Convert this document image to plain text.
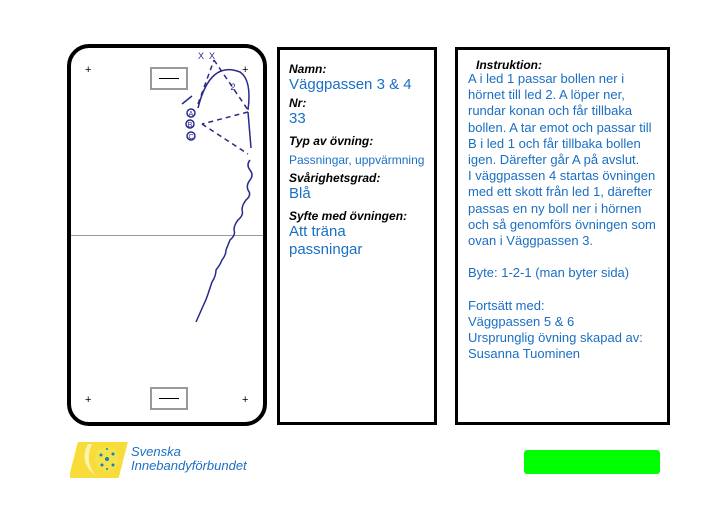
+	+
+	+
A
B
C
X X
2
Namn:
Väggpassen 3 & 4
Nr:
33
Typ av övning:
Passningar, uppvärmning
Svårighetsgrad:
Blå
Syfte med övningen:
Att träna passningar
Instruktion:
A i led 1 passar bollen ner i hörnet till led 2. A löper ner, rundar konan och får tillbaka bollen. A tar emot och passar till B i led 1 och får tillbaka bollen igen. Därefter går A på avslut.
I väggpassen 4 startas övningen med ett skott från led 1, därefter passas en ny boll ner i hörnen och så genomförs övningen som ovan i Väggpassen 3.

Byte: 1-2-1 (man byter sida)

Fortsätt med:
Väggpassen 5 & 6
Ursprunglig övning skapad av:
Susanna Tuominen
Svenska
Innebandyförbundet
